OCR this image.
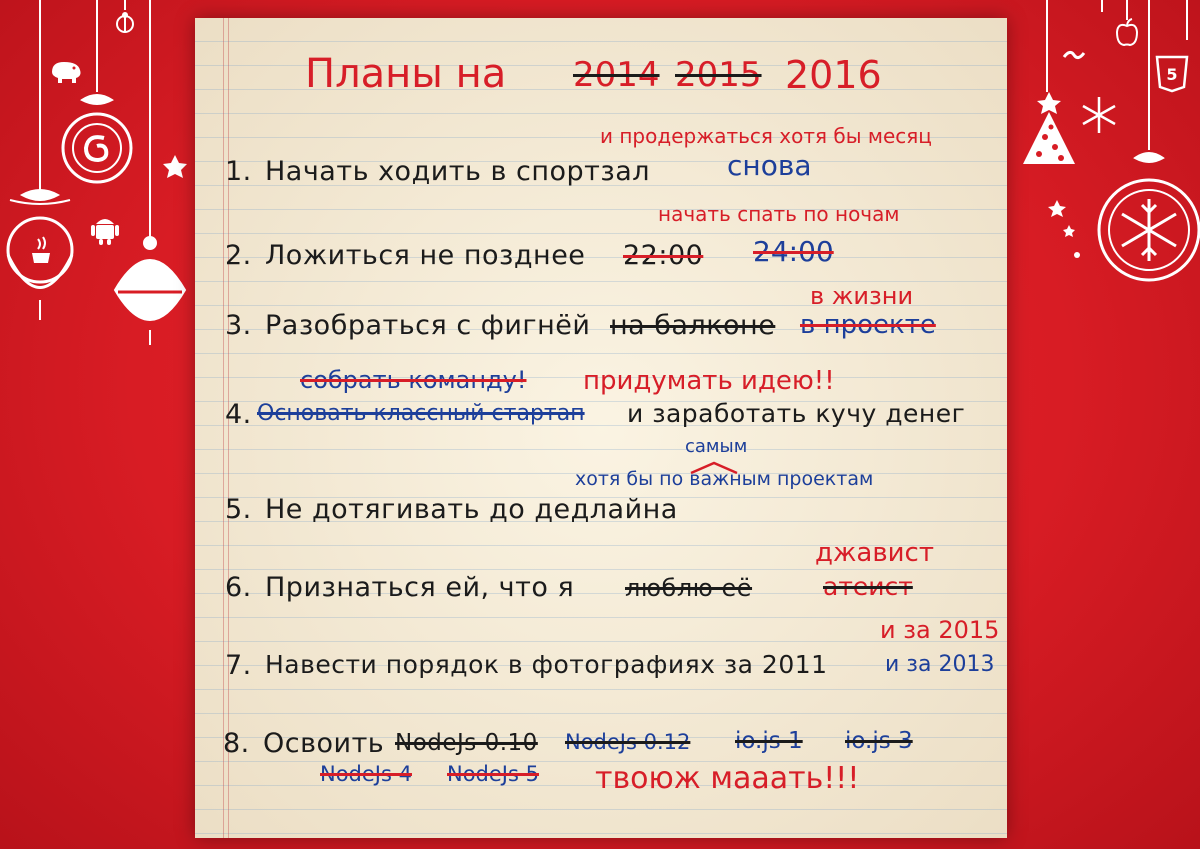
5
Планы на 2014 2015 2016
и продержаться хотя бы месяц
1. Начать ходить в спортзал	снова
начать спать по ночам
2. Ложиться не позднее 22:00 24:00
в жизни
3. Разобраться с фигнёй на балконе в проекте
собрать команду! придумать идею!!
4. Основать классный стартап и заработать кучу денег
самым
хотя бы по важным проектам
5. Не дотягивать до дедлайна
джавист
6. Признаться ей, что я люблю её	атеист
и за 2015
7. Навести порядок в фотографиях за 2011	и за 2013
8. Освоить NodeJs 0.10 NodeJs 0.12 io.js 1 io.js 3
NodeJs 4 NodeJs 5 твоюж мааать!!!
